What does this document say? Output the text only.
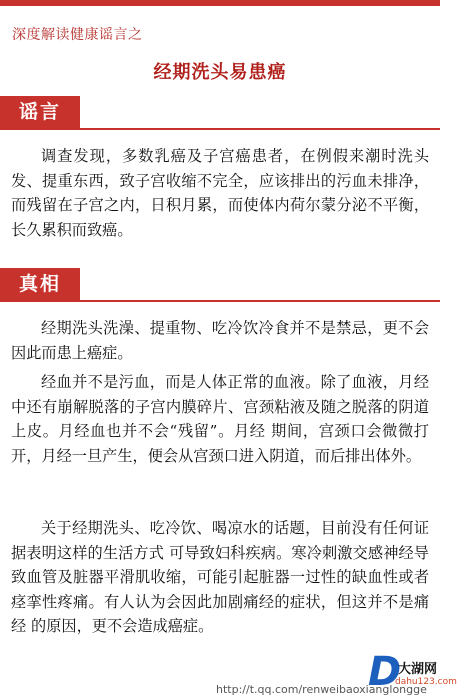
深度解读健康谣言之
经期洗头易患癌
谣言

调查发现，多数乳癌及子宫癌患者，在例假来潮时洗头发、提重东西，致子宫收缩不完全，应该排出的污血未排净，而残留在子宫之内，日积月累，而使体内荷尔蒙分泌不平衡，长久累积而致癌。

真相

经期洗头洗澡、提重物、吃冷饮冷食并不是禁忌，更不会因此而患上癌症。

经血并不是污血，而是人体正常的血液。除了血液，月经中还有崩解脱落的子宫内膜碎片、宫颈粘液及随之脱落的阴道上皮。月经血也并不会“残留”。月经 期间，宫颈口会微微打开，月经一旦产生，便会从宫颈口进入阴道，而后排出体外。

关于经期洗头、吃冷饮、喝凉水的话题，目前没有任何证据表明这样的生活方式 可导致妇科疾病。寒冷刺激交感神经导致血管及脏器平滑肌收缩，可能引起脏器一过性的缺血性或者痉挛性疼痛。有人认为会因此加剧痛经的症状，但这并不是痛经 的原因，更不会造成癌症。

D
大湖网
dahu123.com
http://t.qq.com/renweibaoxianglongge
